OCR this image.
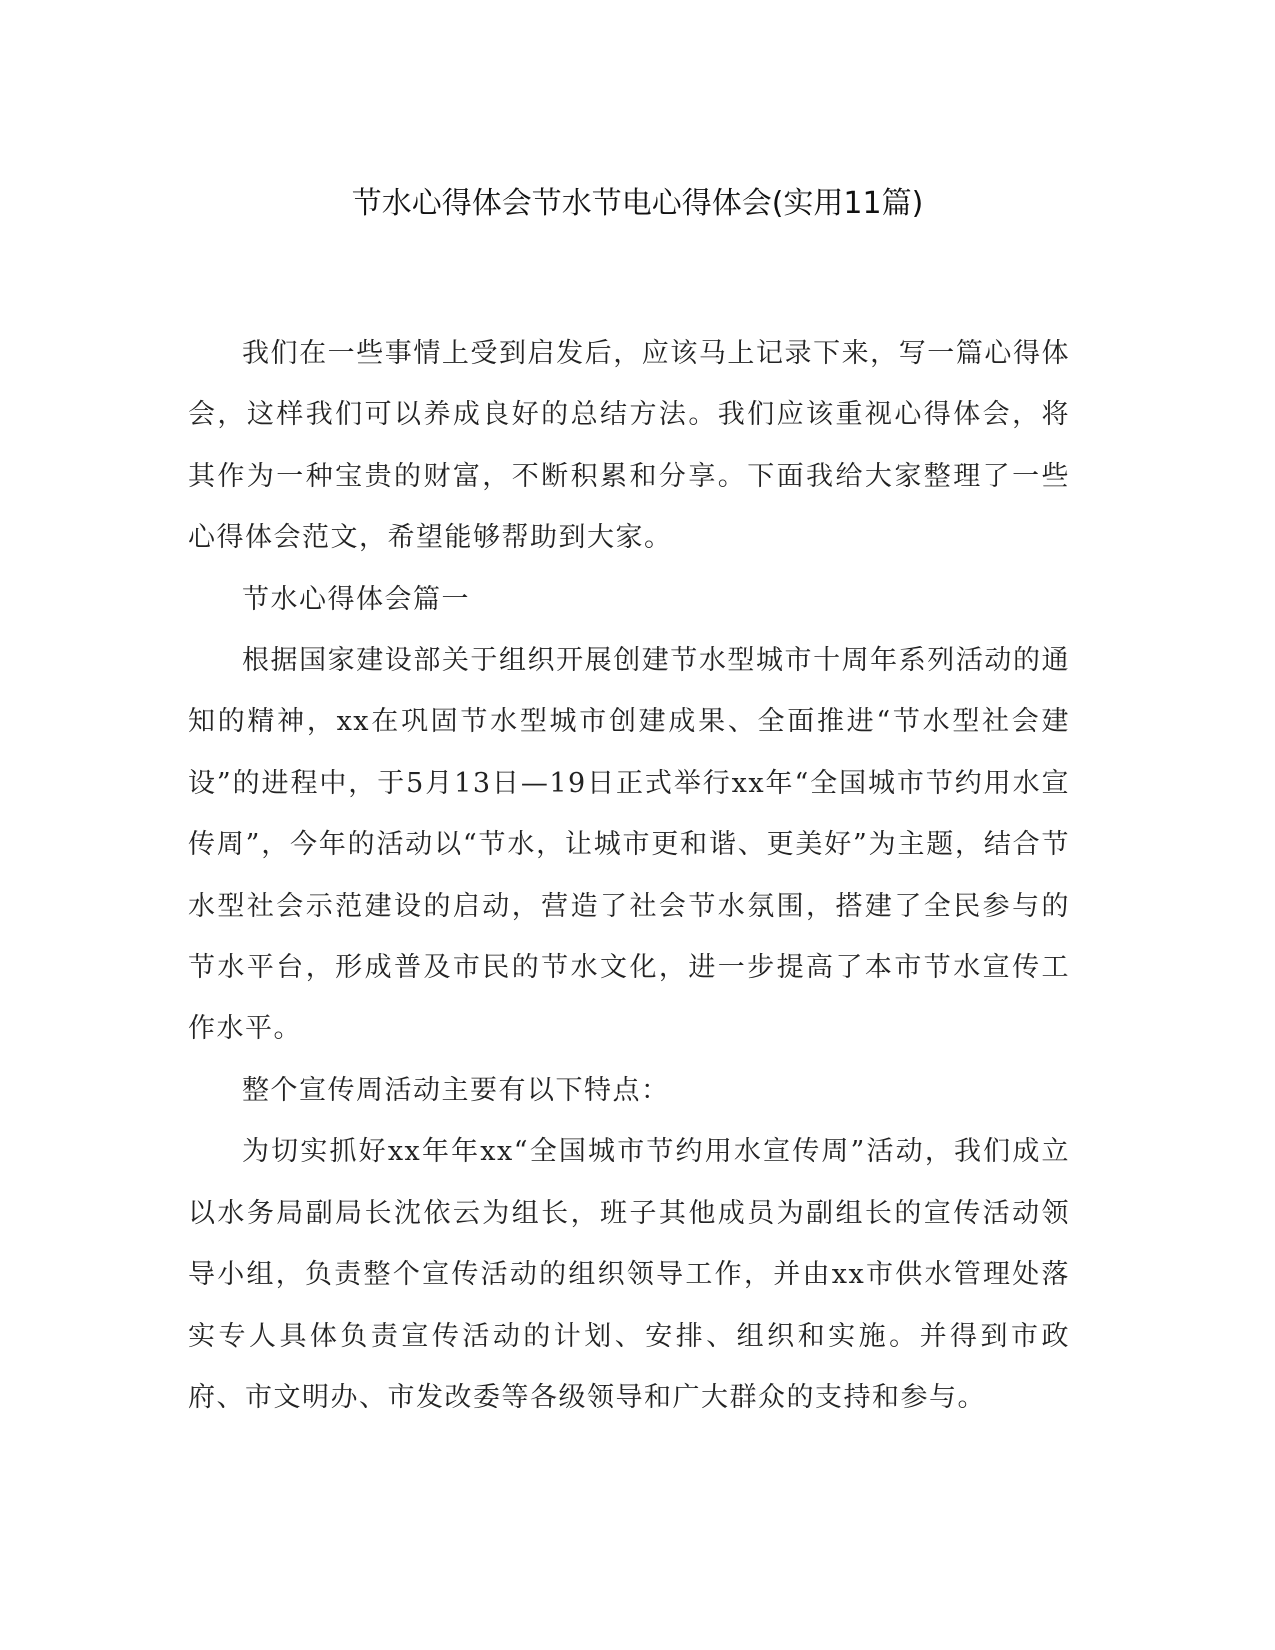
节水心得体会节水节电心得体会(实用11篇)

我们在一些事情上受到启发后，应该马上记录下来，写一篇心得体会，这样我们可以养成良好的总结方法。我们应该重视心得体会，将其作为一种宝贵的财富，不断积累和分享。下面我给大家整理了一些心得体会范文，希望能够帮助到大家。

节水心得体会篇一

根据国家建设部关于组织开展创建节水型城市十周年系列活动的通知的精神，xx在巩固节水型城市创建成果、全面推进“节水型社会建设”的进程中，于5月13日—19日正式举行xx年“全国城市节约用水宣传周”，今年的活动以“节水，让城市更和谐、更美好”为主题，结合节水型社会示范建设的启动，营造了社会节水氛围，搭建了全民参与的节水平台，形成普及市民的节水文化，进一步提高了本市节水宣传工作水平。

整个宣传周活动主要有以下特点：

为切实抓好xx年年xx“全国城市节约用水宣传周”活动，我们成立以水务局副局长沈依云为组长，班子其他成员为副组长的宣传活动领导小组，负责整个宣传活动的组织领导工作，并由xx市供水管理处落实专人具体负责宣传活动的计划、安排、组织和实施。并得到市政府、市文明办、市发改委等各级领导和广大群众的支持和参与。
